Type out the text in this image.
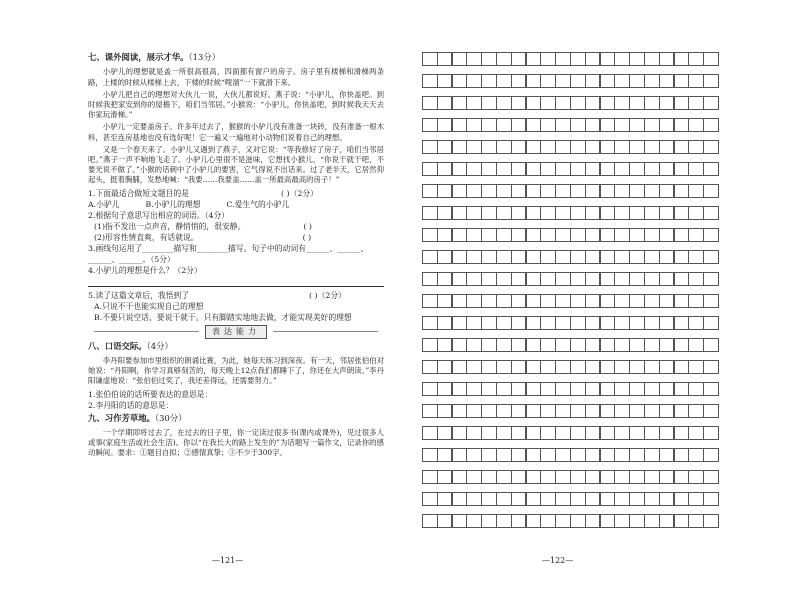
七、课外阅读，展示才华。（13分）

小驴儿的理想就是盖一所很高很高，四面都有窗户的房子。房子里有楼梯和滑梯两条路，上楼的时候从楼梯上去，下楼的时候“嗖溜”一下就滑下来。

小驴儿把自己的理想对大伙儿一说，大伙儿都说好。燕子说：“小驴儿，你快盖吧。到时候我把家安到你的屋檐下，咱们当邻居。”小猴说：“小驴儿，你快盖吧，到时候我天天去你家玩滑梯。”

小驴儿一定要盖房子。许多年过去了，猴猴的小驴儿没有准备一块砖，没有准备一根木料，甚至连房基地也没有选好呢！它一遍又一遍地对小动物们说着自己的理想。

又是一个春天来了。小驴儿又遇到了燕子，又对它说：“等我修好了房子，咱们当邻居吧。”燕子一声不响地飞走了。小驴儿心里很不是滋味，它想找小猴儿，“你说干就干吧，不要光说不做了。”小猴的话刺中了小驴儿的要害，它气得说不出话来。过了老半天，它居然仰起头，挺着胸脯，发愁地喊：“我要……我要盖……盖一所最高最高的房子！”

1.下面最适合做短文题目的是	( )（2分）

A.小驴儿	B.小驴儿的理想	C.爱生气的小驴儿

2.根据句子意思写出相应的词语。（4分）

(1)指不发出一点声音，静悄悄的，很安静。	( )

(2)形容性情直爽，有话就说。	( )

3.画线句运用了________描写和________描写。句子中的动词有______、______、______、______。（5分）

4.小驴儿的理想是什么？（2分）

5.读了这篇文章后，我悟到了	( )（2分）

A.只说不干也能实现自己的理想

B.不要只说空话，要说干就干。只有脚踏实地地去做，才能实现美好的理想

表达能力

八、口语交际。（4分）

李丹阳要参加市里组织的朗诵比赛，为此，她每天练习到深夜。有一天，邻居张伯伯对她说：“丹阳啊，你学习真够刻苦的，每天晚上12点我们都睡下了，你还在大声朗读。”李丹阳谦虚地说：“张伯伯过奖了，我还差得远，还需要努力。”

1.张伯伯说的话所要表达的意思是：

2.李丹阳的话的意思是：

九、习作芳草地。（30分）

一个学期即将过去了，在过去的日子里，你一定读过很多书(课内或课外)，见过很多人或事(家庭生活或社会生活)。你以“在我长大的路上发生的”为话题写一篇作文，记录你的感动瞬间。要求：①题目自拟；②感情真挚；③不少于300字。

—121—	—122—
